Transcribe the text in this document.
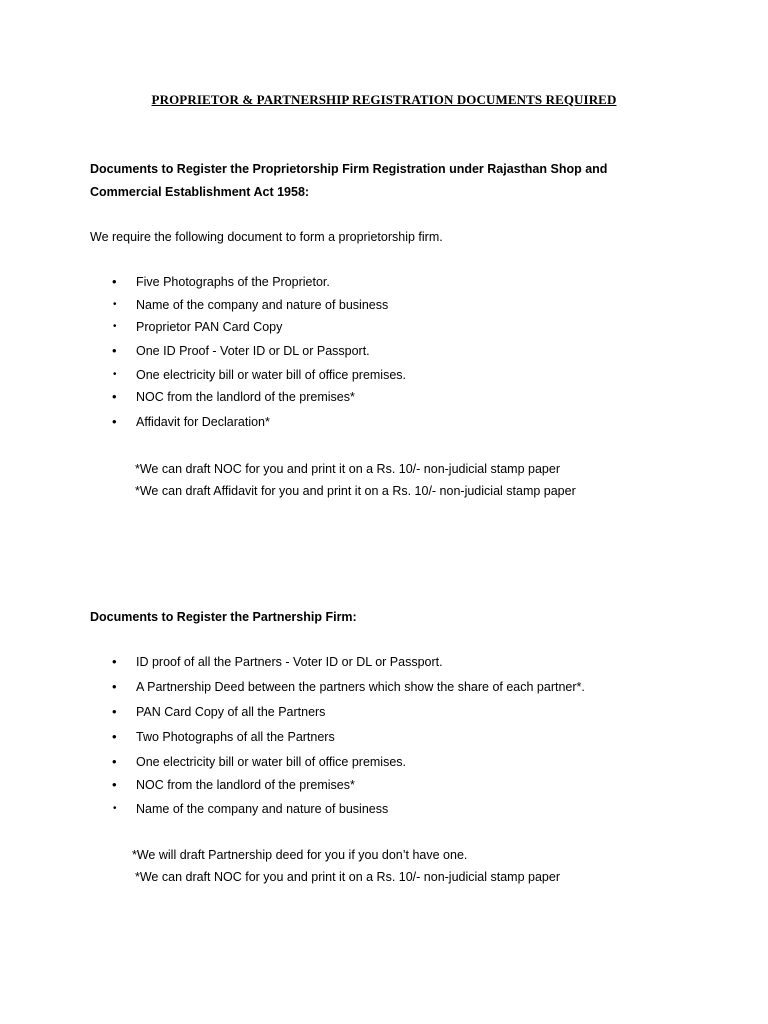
PROPRIETOR & PARTNERSHIP REGISTRATION DOCUMENTS REQUIRED
Documents to Register the Proprietorship Firm Registration under Rajasthan Shop and
Commercial Establishment Act 1958:
We require the following document to form a proprietorship firm.
• Five Photographs of the Proprietor.
• Name of the company and nature of business
• Proprietor PAN Card Copy
• One ID Proof - Voter ID or DL or Passport.
• One electricity bill or water bill of office premises.
• NOC from the landlord of the premises*
• Affidavit for Declaration*
*We can draft NOC for you and print it on a Rs. 10/- non-judicial stamp paper
*We can draft Affidavit for you and print it on a Rs. 10/- non-judicial stamp paper
Documents to Register the Partnership Firm:
• ID proof of all the Partners - Voter ID or DL or Passport.
• A Partnership Deed between the partners which show the share of each partner*.
• PAN Card Copy of all the Partners
• Two Photographs of all the Partners
• One electricity bill or water bill of office premises.
• NOC from the landlord of the premises*
• Name of the company and nature of business
*We will draft Partnership deed for you if you don’t have one.
*We can draft NOC for you and print it on a Rs. 10/- non-judicial stamp paper
